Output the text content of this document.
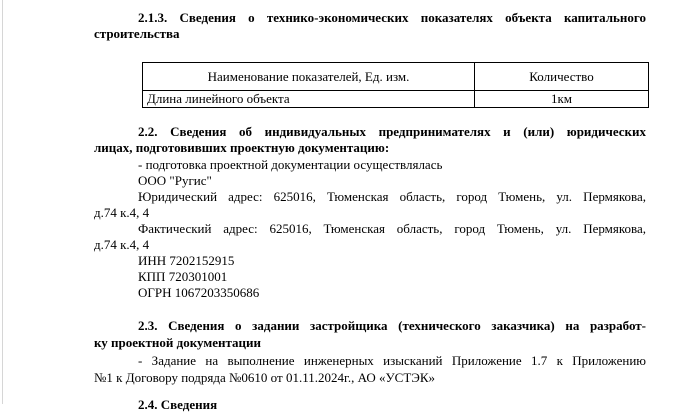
2.1.3. Сведения о технико-экономических показателях объекта капитального
строительства
Наименование показателей, Ед. изм.	Количество
Длина линейного объекта	1км
2.2. Сведения об индивидуальных предпринимателях и (или) юридических
лицах, подготовивших проектную документацию:
- подготовка проектной документации осуществлялась
ООО "Ругис"
Юридический адрес: 625016, Тюменская область, город Тюмень, ул. Пермякова,
д.74 к.4, 4
Фактический адрес: 625016, Тюменская область, город Тюмень, ул. Пермякова,
д.74 к.4, 4
ИНН 7202152915
КПП 720301001
ОГРН 1067203350686
2.3. Сведения о задании застройщика (технического заказчика) на разработ-
ку проектной документации
- Задание на выполнение инженерных изысканий Приложение 1.7 к Приложению
№1 к Договору подряда №0610 от 01.11.2024г., АО «УСТЭК»
2.4. Сведения
